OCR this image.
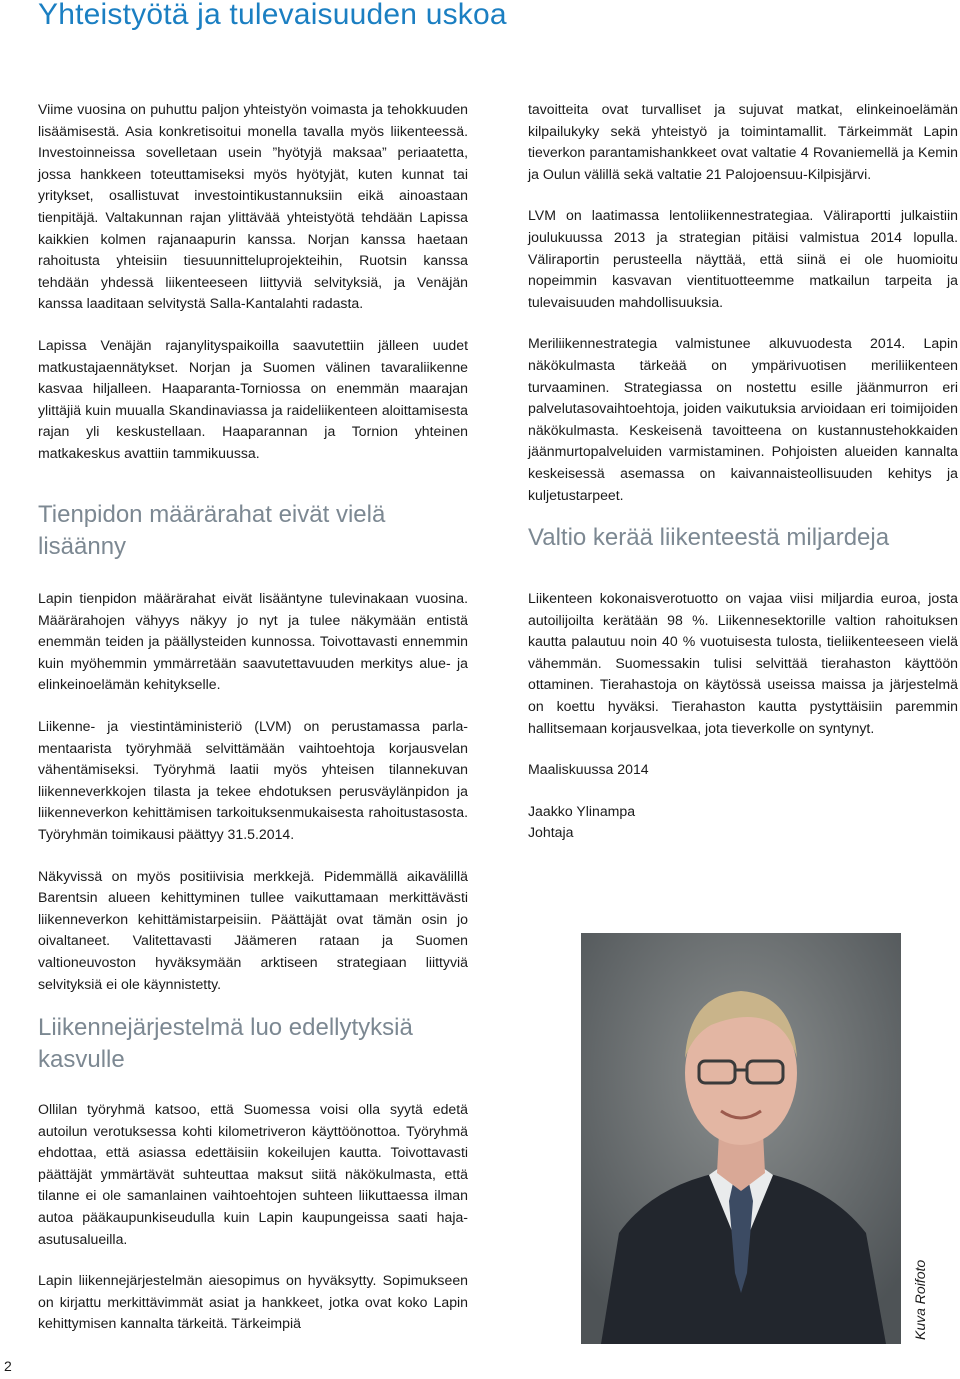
Yhteistyötä ja tulevaisuuden uskoa

Viime vuosina on puhuttu paljon yhteistyön voimasta ja tehokkuuden lisäämisestä. Asia konkretisoitui monella tavalla myös liikenteessä. Investoinneissa sovelletaan usein ”hyötyjä maksaa” periaatetta, jossa hankkeen toteuttamiseksi myös hyötyjät, kuten kunnat tai yritykset, osallistuvat investointikustannuksiin eikä ainoastaan tienpitäjä. Valtakunnan rajan ylittävää yhteistyötä tehdään Lapissa kaikkien kolmen rajanaapurin kanssa. Norjan kanssa haetaan rahoitusta yhteisiin tiesuunnitteluprojekteihin, Ruotsin kanssa tehdään yhdessä liikenteeseen liittyviä selvityksiä, ja Venäjän kanssa laaditaan selvitystä Salla-Kantalahti radasta.

Lapissa Venäjän rajanylityspaikoilla saavutettiin jälleen uudet matkustajaennätykset. Norjan ja Suomen välinen tavaraliikenne kasvaa hiljalleen. Haaparanta-Torniossa on enemmän maarajan ylittäjiä kuin muualla Skandinaviassa ja raideliikenteen aloittamisesta rajan yli keskustellaan. Haaparannan ja Tornion yhteinen matkakeskus avattiin tammikuussa.

Tienpidon määrärahat eivät vielä lisäänny

Lapin tienpidon määrärahat eivät lisääntyne tulevinakaan vuosina. Määrärahojen vähyys näkyy jo nyt ja tulee näkymään entistä enemmän teiden ja päällysteiden kunnossa. Toivottavasti ennemmin kuin myöhemmin ymmärretään saavutettavuuden merkitys alue- ja elinkeinoelämän kehitykselle.

Liikenne- ja viestintäministeriö (LVM) on perustamassa parlamentaarista työryhmää selvittämään vaihtoehtoja korjausvelan vähentämiseksi. Työryhmä laatii myös yhteisen tilannekuvan liikenneverkkojen tilasta ja tekee ehdotuksen perusväylänpidon ja liikenneverkon kehittämisen tarkoituksenmukaisesta rahoitustasosta. Työryhmän toimikausi päättyy 31.5.2014.

Näkyvissä on myös positiivisia merkkejä. Pidemmällä aikavälillä Barentsin alueen kehittyminen tullee vaikuttamaan merkittävästi liikenneverkon kehittämistarpeisiin. Päättäjät ovat tämän osin jo oivaltaneet. Valitettavasti Jäämeren rataan ja Suomen valtioneuvoston hyväksymään arktiseen strategiaan liittyviä selvityksiä ei ole käynnistetty.

Liikennejärjestelmä luo edellytyksiä kasvulle

Ollilan työryhmä katsoo, että Suomessa voisi olla syytä edetä autoilun verotuksessa kohti kilometriveron käyttöönottoa. Työryhmä ehdottaa, että asiassa edettäisiin kokeilujen kautta. Toivottavasti päättäjät ymmärtävät suhteuttaa maksut siitä näkökulmasta, että tilanne ei ole samanlainen vaihtoehtojen suhteen liikuttaessa ilman autoa pääkaupunkiseudulla kuin Lapin kaupungeissa saati haja-asutusalueilla.

Lapin liikennejärjestelmän aiesopimus on hyväksytty. Sopimukseen on kirjattu merkittävimmät asiat ja hankkeet, jotka ovat koko Lapin kehittymisen kannalta tärkeitä. Tärkeimpiä

tavoitteita ovat turvalliset ja sujuvat matkat, elinkeinoelämän kilpailukyky sekä yhteistyö ja toimintamallit. Tärkeimmät Lapin tieverkon parantamishankkeet ovat valtatie 4 Rovaniemellä ja Kemin ja Oulun välillä sekä valtatie 21 Palojoensuu-Kilpisjärvi.

LVM on laatimassa lentoliikennestrategiaa. Väliraportti julkaistiin joulukuussa 2013 ja strategian pitäisi valmistua 2014 lopulla. Väliraportin perusteella näyttää, että siinä ei ole huomioitu nopeimmin kasvavan vientituotteemme matkailun tarpeita ja tulevaisuuden mahdollisuuksia.

Meriliikennestrategia valmistunee alkuvuodesta 2014. Lapin näkökulmasta tärkeää on ympärivuotisen meriliikenteen turvaaminen. Strategiassa on nostettu esille jäänmurron eri palvelutasovaihtoehtoja, joiden vaikutuksia arvioidaan eri toimijoiden näkökulmasta. Keskeisenä tavoitteena on kustannustehokkaiden jäänmurtopalveluiden varmistaminen. Pohjoisten alueiden kannalta keskeisessä asemassa on kaivannaisteollisuuden kehitys ja kuljetustarpeet.

Valtio kerää liikenteestä miljardeja

Liikenteen kokonaisverotuotto on vajaa viisi miljardia euroa, josta autoilijoilta kerätään 98 %. Liikennesektorille valtion rahoituksen kautta palautuu noin 40 % vuotuisesta tulosta, tieliikenteeseen vielä vähemmän. Suomessakin tulisi selvittää tierahaston käyttöön ottaminen. Tierahastoja on käytössä useissa maissa ja järjestelmä on koettu hyväksi. Tierahaston kautta pystyttäisiin paremmin hallitsemaan korjausvelkaa, jota tieverkolle on syntynyt.

Maaliskuussa 2014

Jaakko Ylinampa

Johtaja

Kuva Roifoto
2
